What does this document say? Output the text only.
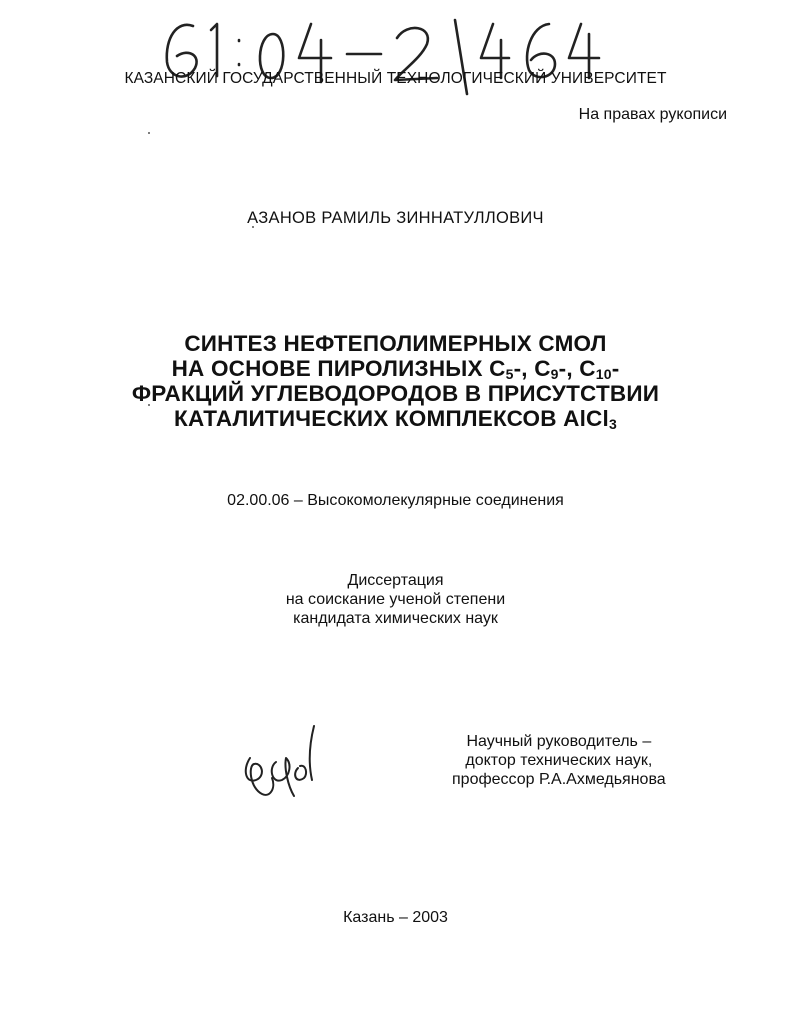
КАЗАНСКИЙ ГОСУДАРСТВЕННЫЙ ТЕХНОЛОГИЧЕСКИЙ УНИВЕРСИТЕТ
На правах рукописи
АЗАНОВ РАМИЛЬ ЗИННАТУЛЛОВИЧ
СИНТЕЗ НЕФТЕПОЛИМЕРНЫХ СМОЛ
НА ОСНОВЕ ПИРОЛИЗНЫХ $С_5-$, $С_9-$, $С_{10}-$
ФРАКЦИЙ УГЛЕВОДОРОДОВ В ПРИСУТСТВИИ
КАТАЛИТИЧЕСКИХ КОМПЛЕКСОВ AlCl$_3$
02.00.06 – Высокомолекулярные соединения
Диссертация
на соискание ученой степени
кандидата химических наук
Научный руководитель –
доктор технических наук,
профессор Р.А.Ахмедьянова
Казань – 2003
